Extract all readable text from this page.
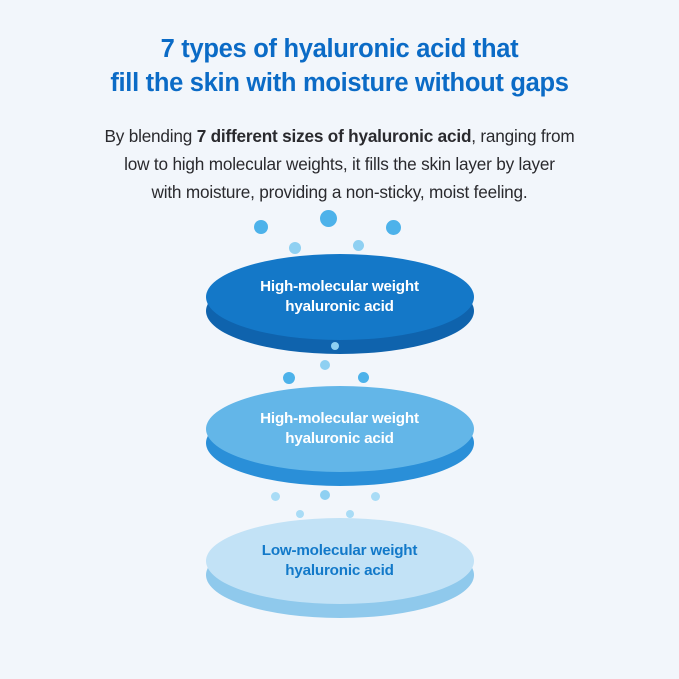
7 types of hyaluronic acid that
fill the skin with moisture without gaps

By blending 7 different sizes of hyaluronic acid, ranging from
low to high molecular weights, it fills the skin layer by layer
with moisture, providing a non-sticky, moist feeling.

High-molecular weight
hyaluronic acid
High-molecular weight
hyaluronic acid
Low-molecular weight
hyaluronic acid
